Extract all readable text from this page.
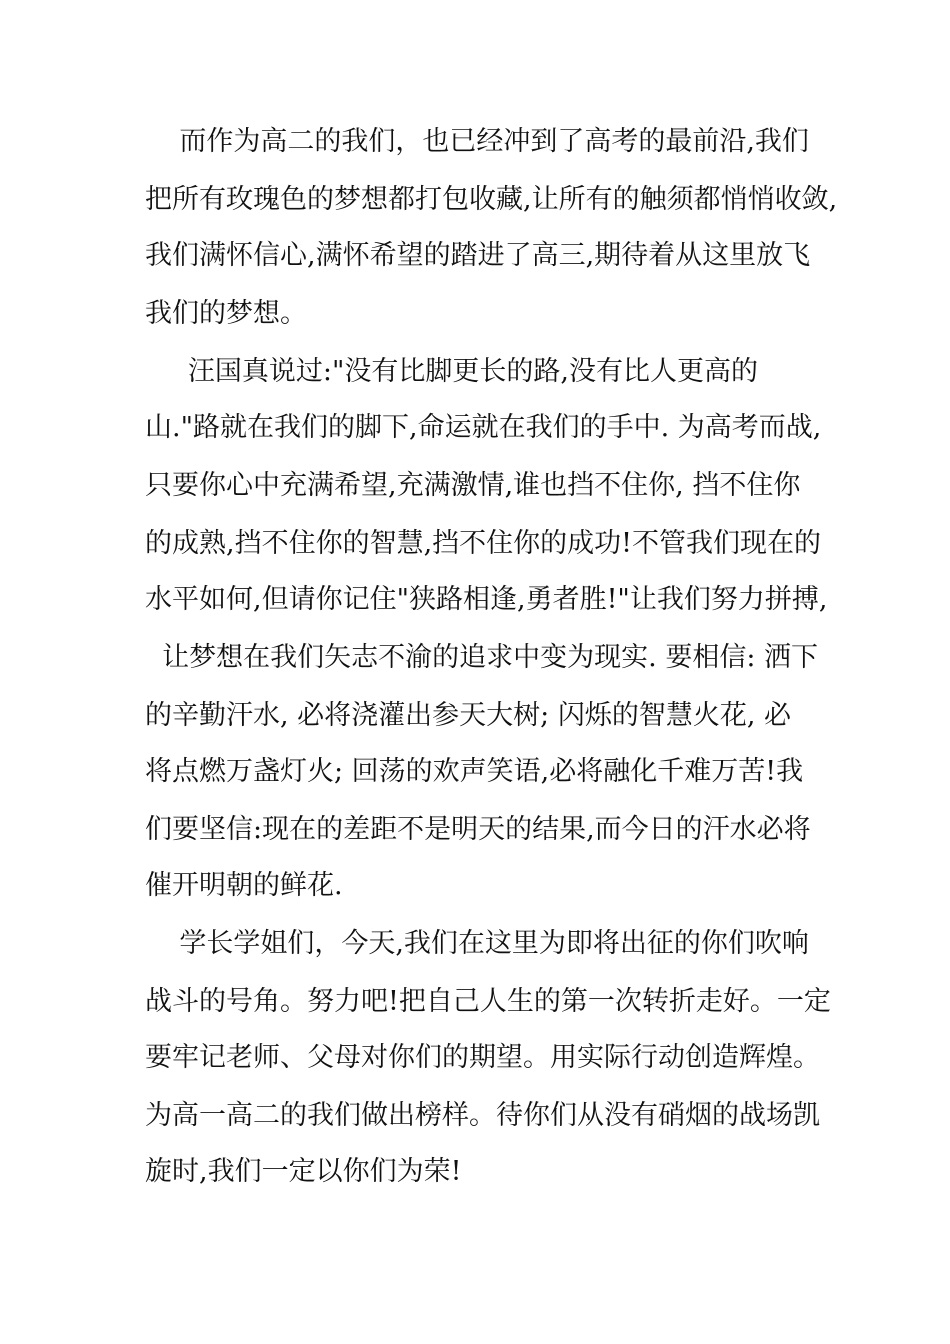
而作为高二的我们，也已经冲到了高考的最前沿,我们
把所有玫瑰色的梦想都打包收藏,让所有的触须都悄悄收敛,
我们满怀信心,满怀希望的踏进了高三,期待着从这里放飞
我们的梦想。
汪国真说过:"没有比脚更长的路,没有比人更高的
山."路就在我们的脚下,命运就在我们的手中. 为高考而战,
只要你心中充满希望,充满激情,谁也挡不住你, 挡不住你
的成熟,挡不住你的智慧,挡不住你的成功!不管我们现在的
水平如何,但请你记住"狭路相逢,勇者胜!"让我们努力拼搏,
让梦想在我们矢志不渝的追求中变为现实. 要相信: 洒下
的辛勤汗水, 必将浇灌出参天大树; 闪烁的智慧火花, 必
将点燃万盏灯火; 回荡的欢声笑语,必将融化千难万苦!我
们要坚信:现在的差距不是明天的结果,而今日的汗水必将
催开明朝的鲜花.
学长学姐们，今天,我们在这里为即将出征的你们吹响
战斗的号角。努力吧!把自己人生的第一次转折走好。一定
要牢记老师、父母对你们的期望。用实际行动创造辉煌。
为高一高二的我们做出榜样。待你们从没有硝烟的战场凯
旋时,我们一定以你们为荣!
